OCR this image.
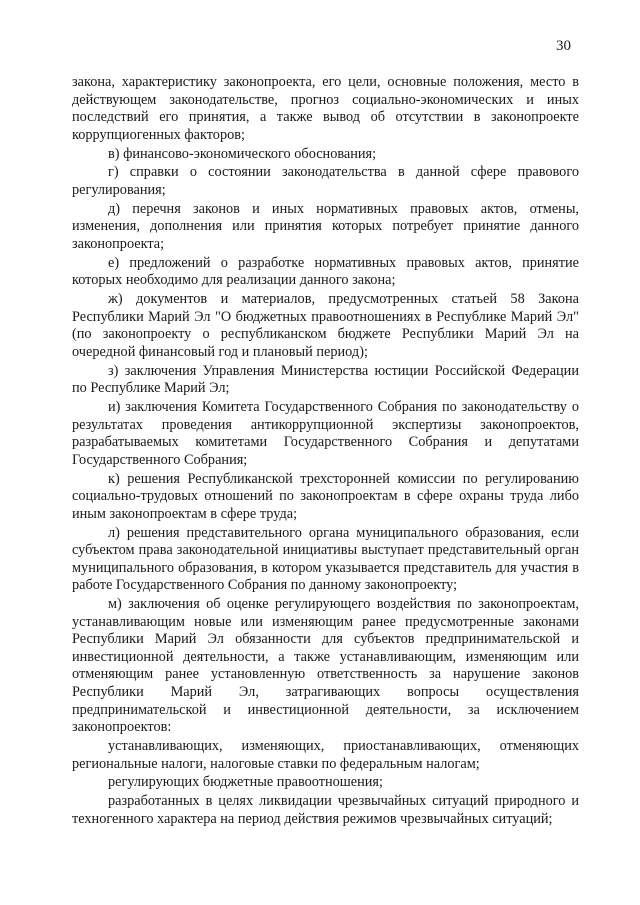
30

закона, характеристику законопроекта, его цели, основные положения, место в действующем законодательстве, прогноз социально-экономических и иных последствий его принятия, а также вывод об отсутствии в законопроекте коррупциогенных факторов;

в) финансово-экономического обоснования;

г) справки о состоянии законодательства в данной сфере правового регулирования;

д) перечня законов и иных нормативных правовых актов, отмены, изменения, дополнения или принятия которых потребует принятие данного законопроекта;

е) предложений о разработке нормативных правовых актов, принятие которых необходимо для реализации данного закона;

ж) документов и материалов, предусмотренных статьей 58 Закона Республики Марий Эл "О бюджетных правоотношениях в Республике Марий Эл" (по законопроекту о республиканском бюджете Республики Марий Эл на очередной финансовый год и плановый период);

з) заключения Управления Министерства юстиции Российской Федерации по Республике Марий Эл;

и) заключения Комитета Государственного Собрания по законодательству о результатах проведения антикоррупционной экспертизы законопроектов, разрабатываемых комитетами Государственного Собрания и депутатами Государственного Собрания;

к) решения Республиканской трехсторонней комиссии по регулированию социально-трудовых отношений по законопроектам в сфере охраны труда либо иным законопроектам в сфере труда;

л) решения представительного органа муниципального образования, если субъектом права законодательной инициативы выступает представительный орган муниципального образования, в котором указывается представитель для участия в работе Государственного Собрания по данному законопроекту;

м) заключения об оценке регулирующего воздействия по законопроектам, устанавливающим новые или изменяющим ранее предусмотренные законами Республики Марий Эл обязанности для субъектов предпринимательской и инвестиционной деятельности, а также устанавливающим, изменяющим или отменяющим ранее установленную ответственность за нарушение законов Республики Марий Эл, затрагивающих вопросы осуществления предпринимательской и инвестиционной деятельности, за исключением законопроектов:

устанавливающих, изменяющих, приостанавливающих, отменяющих региональные налоги, налоговые ставки по федеральным налогам;

регулирующих бюджетные правоотношения;

разработанных в целях ликвидации чрезвычайных ситуаций природного и техногенного характера на период действия режимов чрезвычайных ситуаций;
